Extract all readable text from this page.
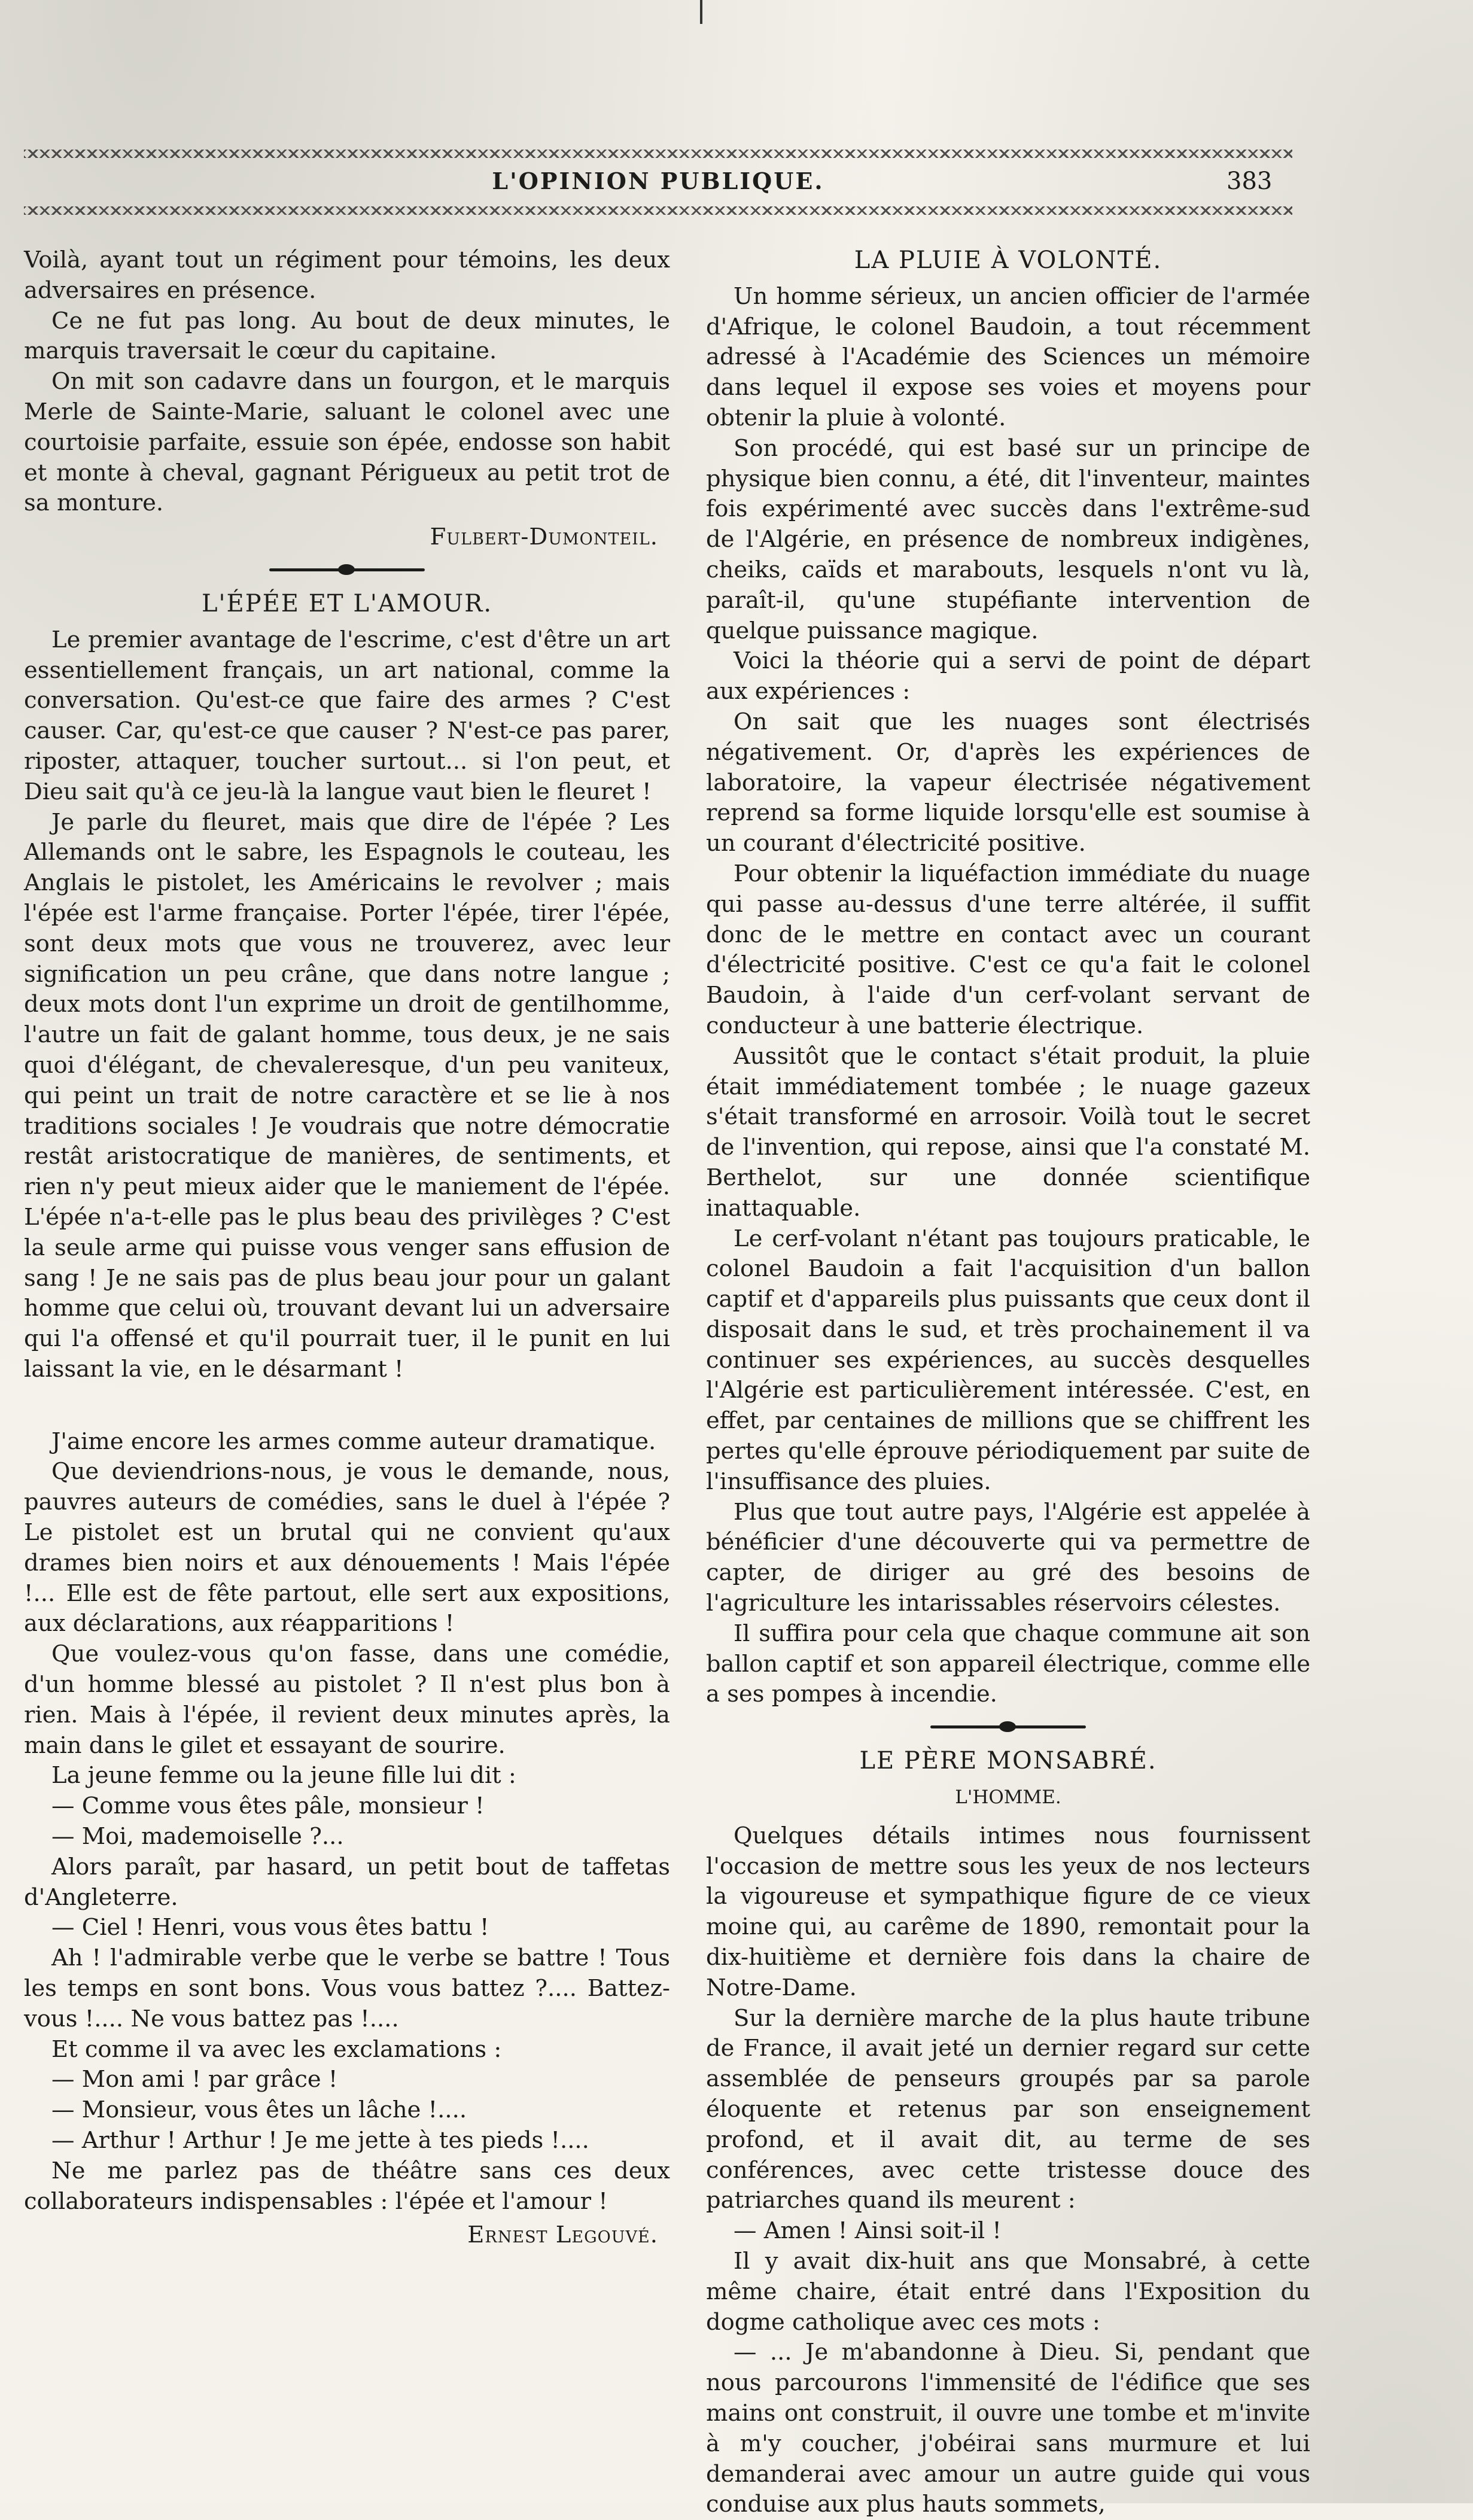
L'OPINION PUBLIQUE.	383

Voilà, ayant tout un régiment pour témoins, les deux adversaires en présence.

Ce ne fut pas long. Au bout de deux minutes, le marquis traversait le cœur du capitaine.

On mit son cadavre dans un fourgon, et le marquis Merle de Sainte-Marie, saluant le colonel avec une courtoisie parfaite, essuie son épée, endosse son habit et monte à cheval, gagnant Périgueux au petit trot de sa monture.

Fulbert-Dumonteil.
L'ÉPÉE ET L'AMOUR.

Le premier avantage de l'escrime, c'est d'être un art essentiellement français, un art national, comme la conversation. Qu'est-ce que faire des armes ? C'est causer. Car, qu'est-ce que causer ? N'est-ce pas parer, riposter, attaquer, toucher surtout... si l'on peut, et Dieu sait qu'à ce jeu-là la langue vaut bien le fleuret !

Je parle du fleuret, mais que dire de l'épée ? Les Allemands ont le sabre, les Espagnols le couteau, les Anglais le pistolet, les Américains le revolver ; mais l'épée est l'arme française. Porter l'épée, tirer l'épée, sont deux mots que vous ne trouverez, avec leur signification un peu crâne, que dans notre langue ; deux mots dont l'un exprime un droit de gentilhomme, l'autre un fait de galant homme, tous deux, je ne sais quoi d'élégant, de chevaleresque, d'un peu vaniteux, qui peint un trait de notre caractère et se lie à nos traditions sociales ! Je voudrais que notre démocratie restât aristocratique de manières, de sentiments, et rien n'y peut mieux aider que le maniement de l'épée. L'épée n'a-t-elle pas le plus beau des privilèges ? C'est la seule arme qui puisse vous venger sans effusion de sang ! Je ne sais pas de plus beau jour pour un galant homme que celui où, trouvant devant lui un adversaire qui l'a offensé et qu'il pourrait tuer, il le punit en lui laissant la vie, en le désarmant !

J'aime encore les armes comme auteur dramatique.

Que deviendrions-nous, je vous le demande, nous, pauvres auteurs de comédies, sans le duel à l'épée ? Le pistolet est un brutal qui ne convient qu'aux drames bien noirs et aux dénouements ! Mais l'épée !... Elle est de fête partout, elle sert aux expositions, aux déclarations, aux réapparitions !

Que voulez-vous qu'on fasse, dans une comédie, d'un homme blessé au pistolet ? Il n'est plus bon à rien. Mais à l'épée, il revient deux minutes après, la main dans le gilet et essayant de sourire.

La jeune femme ou la jeune fille lui dit :

— Comme vous êtes pâle, monsieur !

— Moi, mademoiselle ?...

Alors paraît, par hasard, un petit bout de taffetas d'Angleterre.

— Ciel ! Henri, vous vous êtes battu !

Ah ! l'admirable verbe que le verbe se battre ! Tous les temps en sont bons. Vous vous battez ?.... Battez-vous !.... Ne vous battez pas !....

Et comme il va avec les exclamations :

— Mon ami ! par grâce !

— Monsieur, vous êtes un lâche !....

— Arthur ! Arthur ! Je me jette à tes pieds !....

Ne me parlez pas de théâtre sans ces deux collaborateurs indispensables : l'épée et l'amour !

Ernest Legouvé.
LA PLUIE À VOLONTÉ.

Un homme sérieux, un ancien officier de l'armée d'Afrique, le colonel Baudoin, a tout récemment adressé à l'Académie des Sciences un mémoire dans lequel il expose ses voies et moyens pour obtenir la pluie à volonté.

Son procédé, qui est basé sur un principe de physique bien connu, a été, dit l'inventeur, maintes fois expérimenté avec succès dans l'extrême-sud de l'Algérie, en présence de nombreux indigènes, cheiks, caïds et marabouts, lesquels n'ont vu là, paraît-il, qu'une stupéfiante intervention de quelque puissance magique.

Voici la théorie qui a servi de point de départ aux expériences :

On sait que les nuages sont électrisés négativement. Or, d'après les expériences de laboratoire, la vapeur électrisée négativement reprend sa forme liquide lorsqu'elle est soumise à un courant d'électricité positive.

Pour obtenir la liquéfaction immédiate du nuage qui passe au-dessus d'une terre altérée, il suffit donc de le mettre en contact avec un courant d'électricité positive. C'est ce qu'a fait le colonel Baudoin, à l'aide d'un cerf-volant servant de conducteur à une batterie électrique.

Aussitôt que le contact s'était produit, la pluie était immédiatement tombée ; le nuage gazeux s'était transformé en arrosoir. Voilà tout le secret de l'invention, qui repose, ainsi que l'a constaté M. Berthelot, sur une donnée scientifique inattaquable.

Le cerf-volant n'étant pas toujours praticable, le colonel Baudoin a fait l'acquisition d'un ballon captif et d'appareils plus puissants que ceux dont il disposait dans le sud, et très prochainement il va continuer ses expériences, au succès desquelles l'Algérie est particulièrement intéressée. C'est, en effet, par centaines de millions que se chiffrent les pertes qu'elle éprouve périodiquement par suite de l'insuffisance des pluies.

Plus que tout autre pays, l'Algérie est appelée à bénéficier d'une découverte qui va permettre de capter, de diriger au gré des besoins de l'agriculture les intarissables réservoirs célestes.

Il suffira pour cela que chaque commune ait son ballon captif et son appareil électrique, comme elle a ses pompes à incendie.

LE PÈRE MONSABRÉ.
L'HOMME.

Quelques détails intimes nous fournissent l'occasion de mettre sous les yeux de nos lecteurs la vigoureuse et sympathique figure de ce vieux moine qui, au carême de 1890, remontait pour la dix-huitième et dernière fois dans la chaire de Notre-Dame.

Sur la dernière marche de la plus haute tribune de France, il avait jeté un dernier regard sur cette assemblée de penseurs groupés par sa parole éloquente et retenus par son enseignement profond, et il avait dit, au terme de ses conférences, avec cette tristesse douce des patriarches quand ils meurent :

— Amen ! Ainsi soit-il !

Il y avait dix-huit ans que Monsabré, à cette même chaire, était entré dans l'Exposition du dogme catholique avec ces mots :

— ... Je m'abandonne à Dieu. Si, pendant que nous parcourons l'immensité de l'édifice que ses mains ont construit, il ouvre une tombe et m'invite à m'y coucher, j'obéirai sans murmure et lui demanderai avec amour un autre guide qui vous conduise aux plus hauts sommets,
